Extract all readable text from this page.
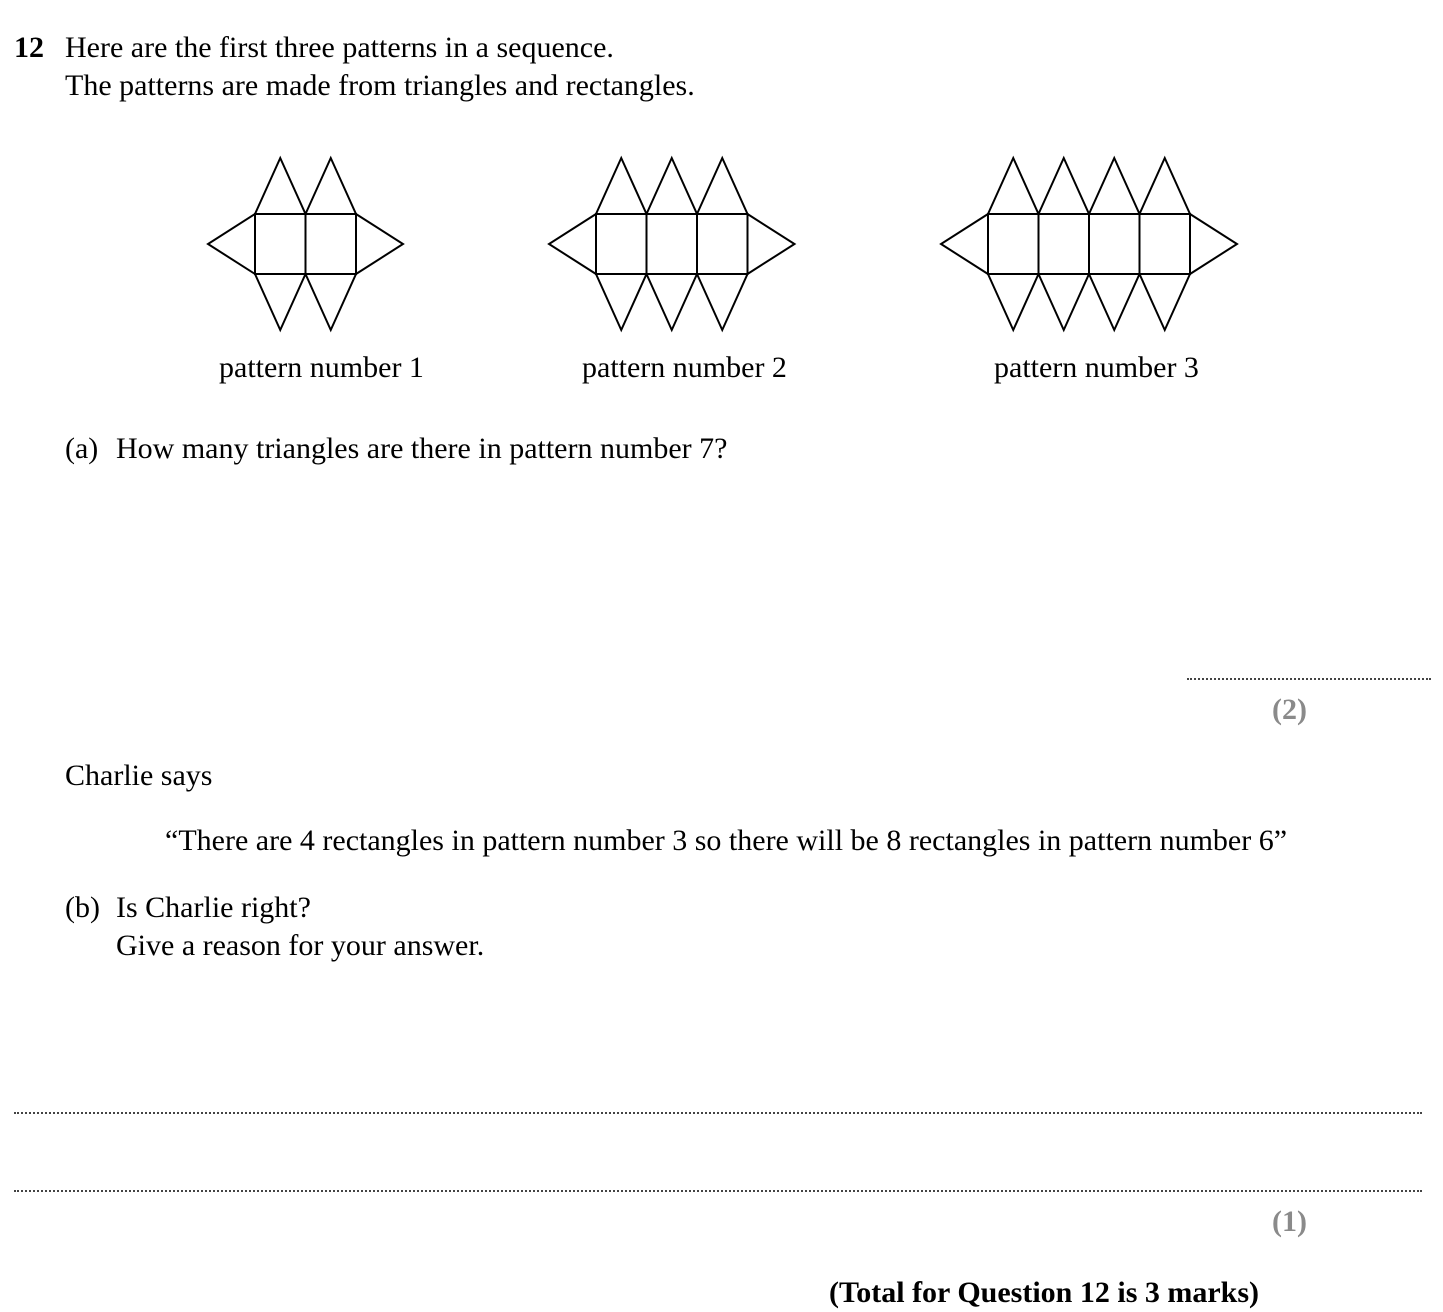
12 Here are the first three patterns in a sequence.
The patterns are made from triangles and rectangles.
pattern number 1	pattern number 2	pattern number 3
(a) How many triangles are there in pattern number 7?
(2)
Charlie says
“There are 4 rectangles in pattern number 3 so there will be 8 rectangles in pattern number 6”
(b) Is Charlie right?
Give a reason for your answer.
(1)
(Total for Question 12 is 3 marks)
